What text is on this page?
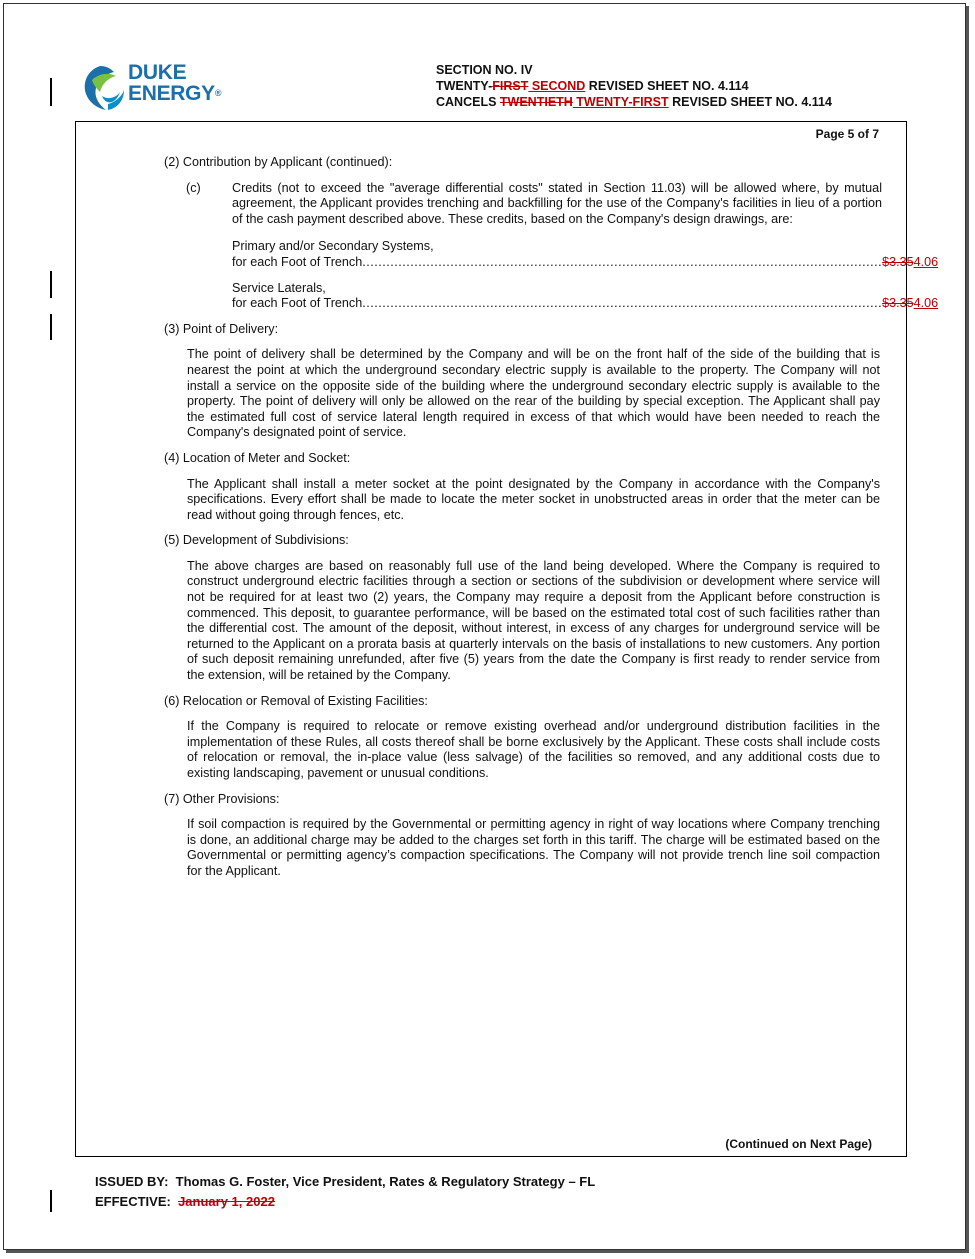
DUKE
ENERGY®
SECTION NO. IV
TWENTY-FIRST SECOND REVISED SHEET NO. 4.114
CANCELS TWENTIETH TWENTY-FIRST REVISED SHEET NO. 4.114
Page 5 of 7

(2) Contribution by Applicant (continued):

(c)	Credits (not to exceed the "average differential costs" stated in Section 11.03) will be allowed where, by mutual agreement, the Applicant provides trenching and backfilling for the use of the Company's facilities in lieu of a portion of the cash payment described above. These credits, based on the Company's design drawings, are:
Primary and/or Secondary Systems,
for each Foot of Trench .................................................................................................................................. $3.354.06
Service Laterals,
for each Foot of Trench .................................................................................................................................. $3.354.06

(3) Point of Delivery:

The point of delivery shall be determined by the Company and will be on the front half of the side of the building that is nearest the point at which the underground secondary electric supply is available to the property. The Company will not install a service on the opposite side of the building where the underground secondary electric supply is available to the property. The point of delivery will only be allowed on the rear of the building by special exception. The Applicant shall pay the estimated full cost of service lateral length required in excess of that which would have been needed to reach the Company's designated point of service.

(4) Location of Meter and Socket:

The Applicant shall install a meter socket at the point designated by the Company in accordance with the Company's specifications. Every effort shall be made to locate the meter socket in unobstructed areas in order that the meter can be read without going through fences, etc.

(5) Development of Subdivisions:

The above charges are based on reasonably full use of the land being developed. Where the Company is required to construct underground electric facilities through a section or sections of the subdivision or development where service will not be required for at least two (2) years, the Company may require a deposit from the Applicant before construction is commenced. This deposit, to guarantee performance, will be based on the estimated total cost of such facilities rather than the differential cost. The amount of the deposit, without interest, in excess of any charges for underground service will be returned to the Applicant on a prorata basis at quarterly intervals on the basis of installations to new customers. Any portion of such deposit remaining unrefunded, after five (5) years from the date the Company is first ready to render service from the extension, will be retained by the Company.

(6) Relocation or Removal of Existing Facilities:

If the Company is required to relocate or remove existing overhead and/or underground distribution facilities in the implementation of these Rules, all costs thereof shall be borne exclusively by the Applicant. These costs shall include costs of relocation or removal, the in-place value (less salvage) of the facilities so removed, and any additional costs due to existing landscaping, pavement or unusual conditions.

(7) Other Provisions:

If soil compaction is required by the Governmental or permitting agency in right of way locations where Company trenching is done, an additional charge may be added to the charges set forth in this tariff. The charge will be estimated based on the Governmental or permitting agency’s compaction specifications. The Company will not provide trench line soil compaction for the Applicant.
(Continued on Next Page)
ISSUED BY: Thomas G. Foster, Vice President, Rates & Regulatory Strategy – FL
EFFECTIVE: January 1, 2022
